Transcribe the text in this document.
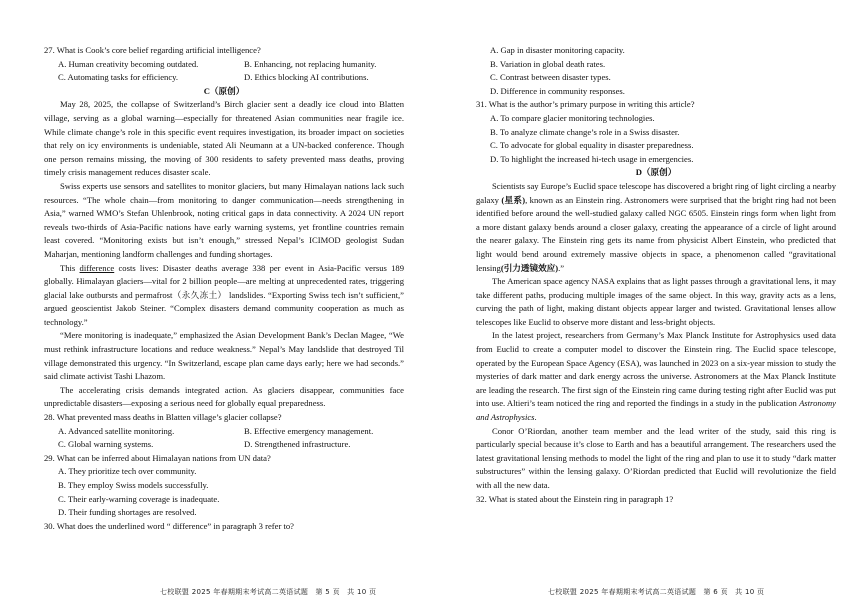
27. What is Cook’s core belief regarding artificial intelligence?

A. Human creativity becoming outdated.	B. Enhancing, not replacing humanity.
C. Automating tasks for efficiency.	D. Ethics blocking AI contributions.

C（原创）

May 28, 2025, the collapse of Switzerland’s Birch glacier sent a deadly ice cloud into Blatten village, serving as a global warning—especially for threatened Asian communities near fragile ice. While climate change’s role in this specific event requires investigation, its broader impact on societies that rely on icy environments is undeniable, stated Ali Neumann at a UN-backed conference. Though one person remains missing, the moving of 300 residents to safety prevented mass deaths, proving timely crisis management reduces disaster scale.

Swiss experts use sensors and satellites to monitor glaciers, but many Himalayan nations lack such resources. “The whole chain—from monitoring to danger communication—needs strengthening in Asia,” warned WMO’s Stefan Uhlenbrook, noting critical gaps in data connectivity. A 2024 UN report reveals two-thirds of Asia-Pacific nations have early warning systems, yet frontline countries remain least covered. “Monitoring exists but isn’t enough,” stressed Nepal’s ICIMOD geologist Sudan Maharjan, mentioning landform challenges and funding shortages.

This difference costs lives: Disaster deaths average 338 per event in Asia-Pacific versus 189 globally. Himalayan glaciers—vital for 2 billion people—are melting at unprecedented rates, triggering glacial lake outbursts and permafrost（永久冻土） landslides. “Exporting Swiss tech isn’t sufficient,” argued geoscientist Jakob Steiner. “Complex disasters demand community cooperation as much as technology.”

“Mere monitoring is inadequate,” emphasized the Asian Development Bank’s Declan Magee, “We must rethink infrastructure locations and reduce weakness.” Nepal’s May landslide that destroyed Til village demonstrated this urgency. “In Switzerland, escape plan came days early; here we had seconds.” said climate activist Tashi Lhazom.

The accelerating crisis demands integrated action. As glaciers disappear, communities face unpredictable disasters—exposing a serious need for globally equal preparedness.

28. What prevented mass deaths in Blatten village’s glacier collapse?

A. Advanced satellite monitoring.	B. Effective emergency management.
C. Global warning systems.	D. Strengthened infrastructure.

29. What can be inferred about Himalayan nations from UN data?

A. They prioritize tech over community.

B. They employ Swiss models successfully.

C. Their early-warning coverage is inadequate.

D. Their funding shortages are resolved.

30. What does the underlined word “ difference” in paragraph 3 refer to?

A. Gap in disaster monitoring capacity.

B. Variation in global death rates.

C. Contrast between disaster types.

D. Difference in community responses.

31. What is the author’s primary purpose in writing this article?

A. To compare glacier monitoring technologies.

B. To analyze climate change’s role in a Swiss disaster.

C. To advocate for global equality in disaster preparedness.

D. To highlight the increased hi-tech usage in emergencies.

D（原创）

Scientists say Europe’s Euclid space telescope has discovered a bright ring of light circling a nearby galaxy (星系), known as an Einstein ring. Astronomers were surprised that the bright ring had not been identified before around the well-studied galaxy called NGC 6505. Einstein rings form when light from a more distant galaxy bends around a closer galaxy, creating the appearance of a circle of light around the nearer galaxy. The Einstein ring gets its name from physicist Albert Einstein, who predicted that light would bend around extremely massive objects in space, a phenomenon called “gravitational lensing(引力透镜效应).”

The American space agency NASA explains that as light passes through a gravitational lens, it may take different paths, producing multiple images of the same object. In this way, gravity acts as a lens, curving the path of light, making distant objects appear larger and twisted. Gravitational lenses allow telescopes like Euclid to observe more distant and less-bright objects.

In the latest project, researchers from Germany’s Max Planck Institute for Astrophysics used data from Euclid to create a computer model to discover the Einstein ring. The Euclid space telescope, operated by the European Space Agency (ESA), was launched in 2023 on a six-year mission to study the mysteries of dark matter and dark energy across the universe. Astronomers at the Max Planck Institute are leading the research. The first sign of the Einstein ring came during testing right after Euclid was put into use. Altieri’s team noticed the ring and reported the findings in a study in the publication Astronomy and Astrophysics.

Conor O’Riordan, another team member and the lead writer of the study, said this ring is particularly special because it’s close to Earth and has a beautiful arrangement. The researchers used the latest gravitational lensing methods to model the light of the ring and plan to use it to study “dark matter substructures” within the lensing galaxy. O’Riordan predicted that Euclid will revolutionize the field with all the new data.

32. What is stated about the Einstein ring in paragraph 1?

七校联盟 2025 年春期期末考试高二英语试题　第 5 页　共 10 页	七校联盟 2025 年春期期末考试高二英语试题　第 6 页　共 10 页
